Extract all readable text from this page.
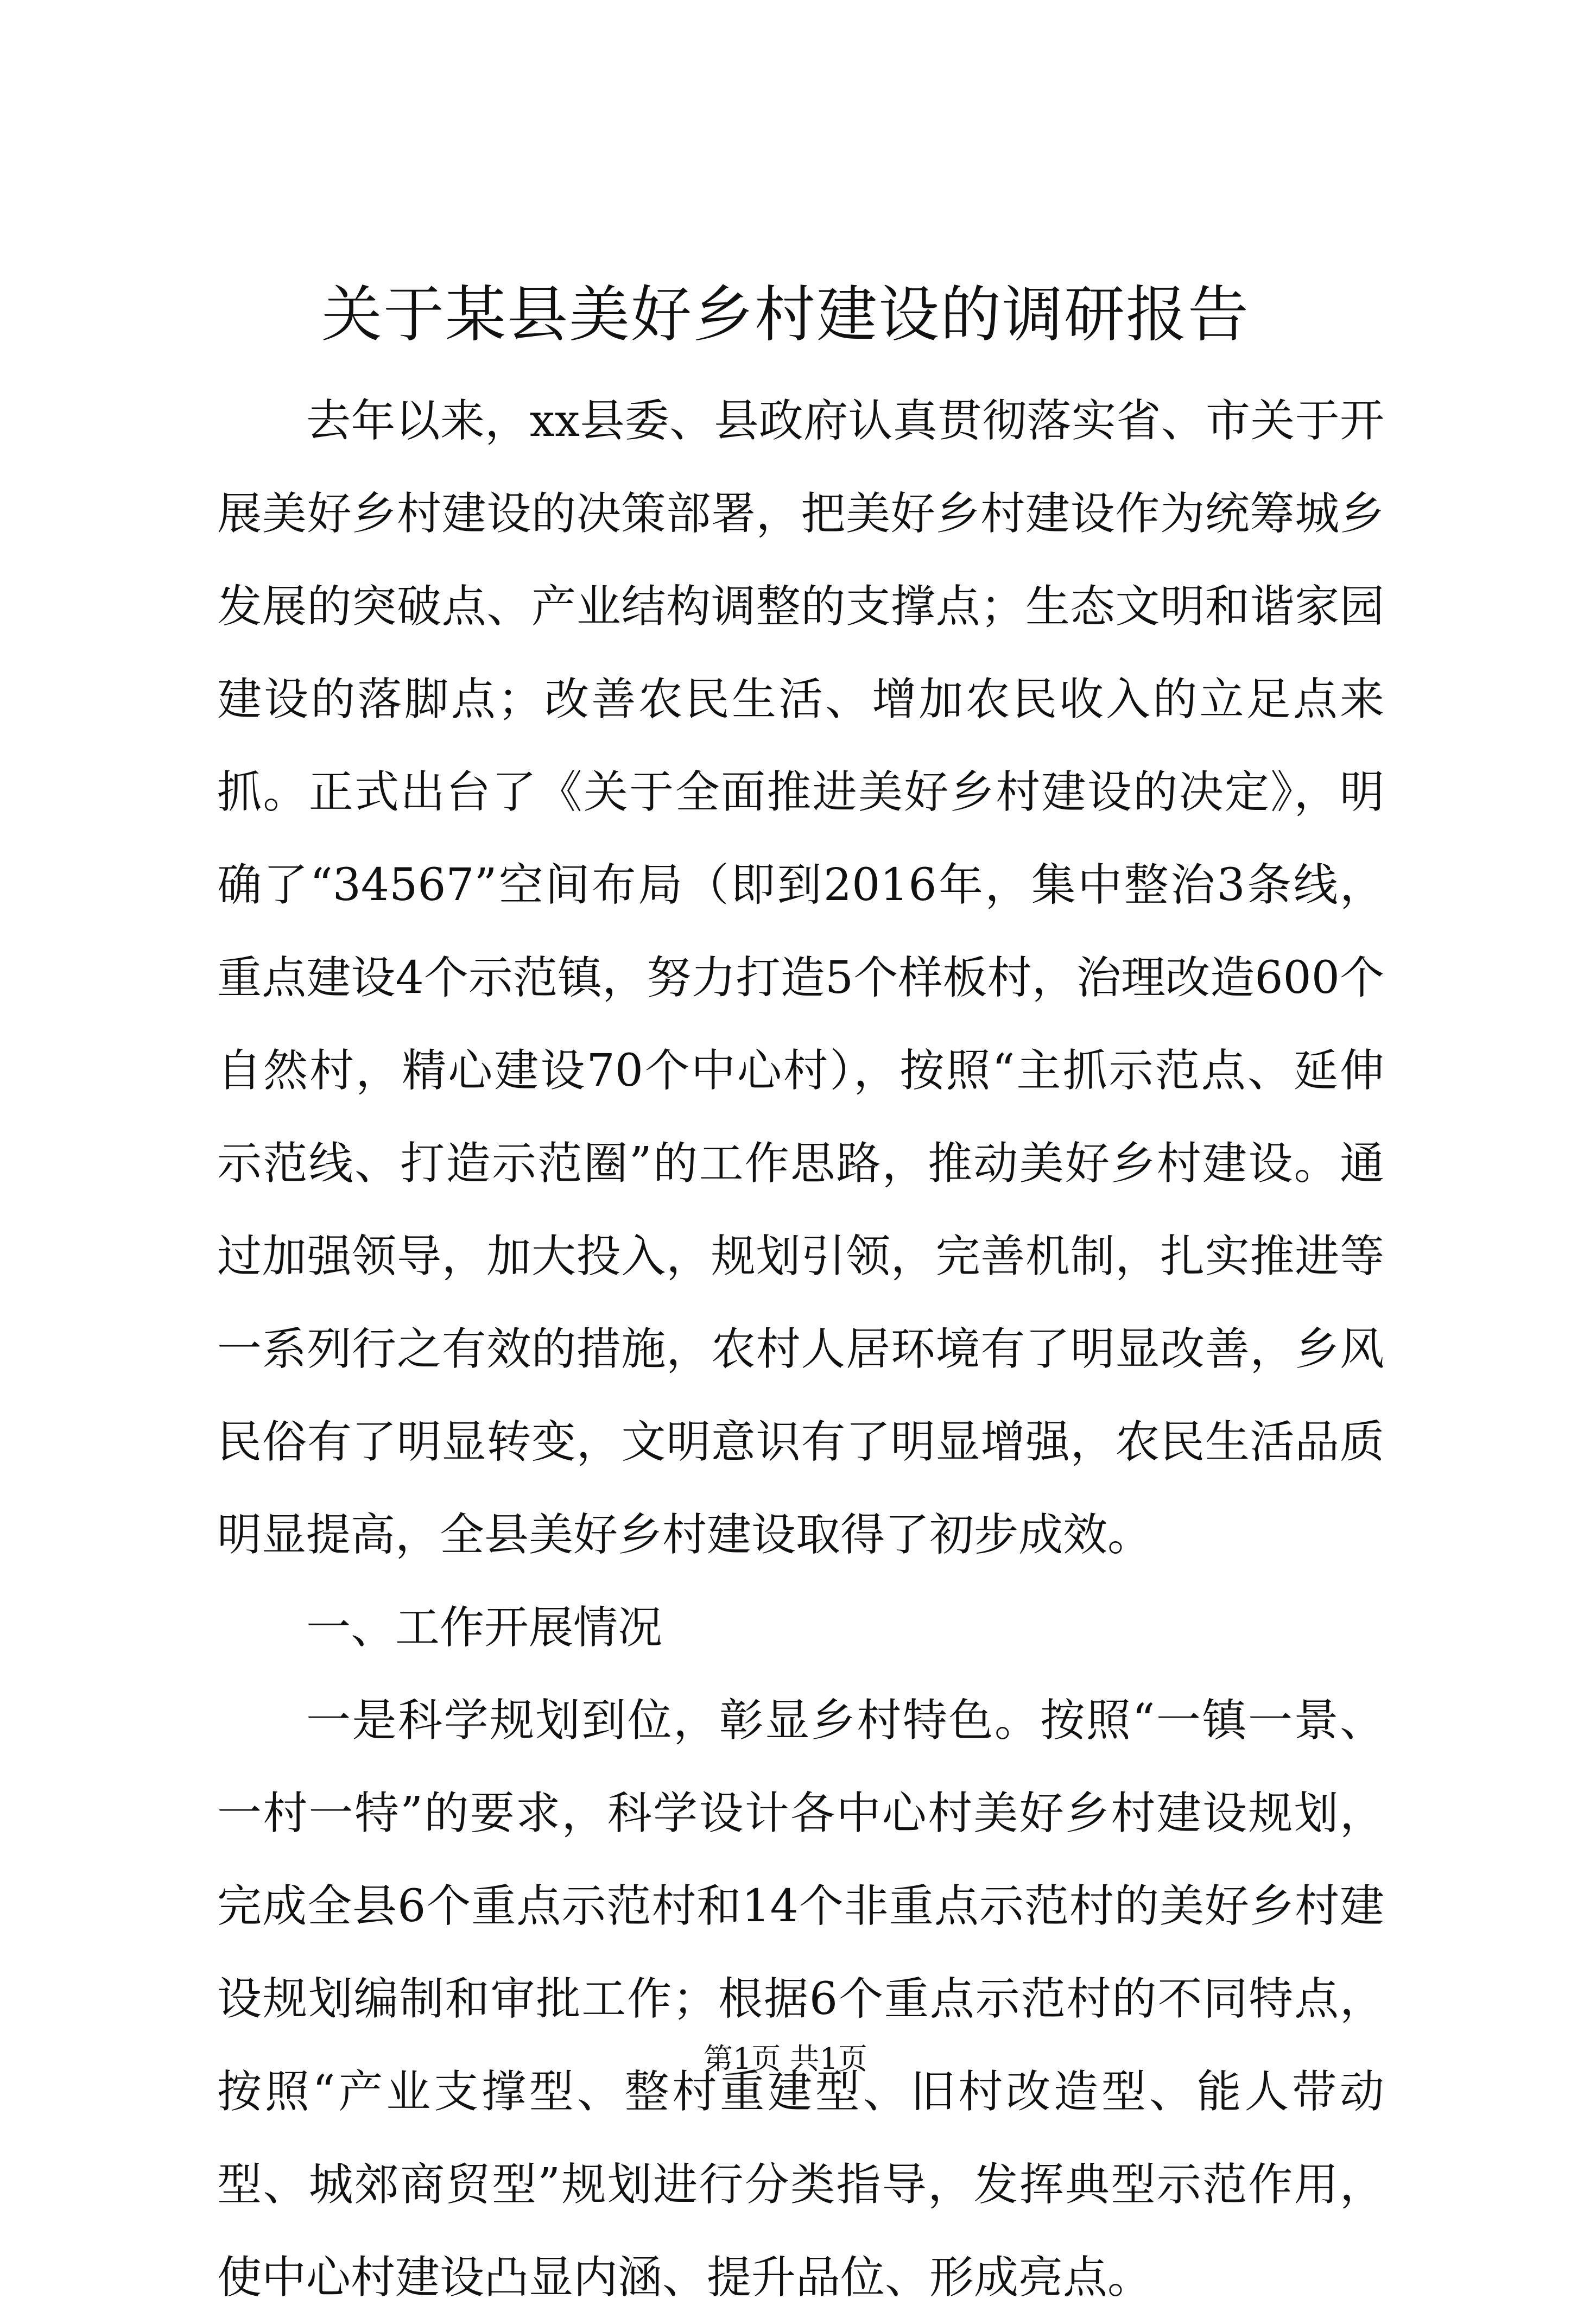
关于某县美好乡村建设的调研报告

去年以来，xx县委、县政府认真贯彻落实省、市关于开展美好乡村建设的决策部署，把美好乡村建设作为统筹城乡发展的突破点、产业结构调整的支撑点；生态文明和谐家园建设的落脚点；改善农民生活、增加农民收入的立足点来抓。正式出台了《关于全面推进美好乡村建设的决定》，明确了“34567”空间布局（即到2016年，集中整治3条线，重点建设4个示范镇，努力打造5个样板村，治理改造600个自然村，精心建设70个中心村），按照“主抓示范点、延伸示范线、打造示范圈”的工作思路，推动美好乡村建设。通过加强领导，加大投入，规划引领，完善机制，扎实推进等一系列行之有效的措施，农村人居环境有了明显改善，乡风民俗有了明显转变，文明意识有了明显增强，农民生活品质明显提高，全县美好乡村建设取得了初步成效。

一、工作开展情况

一是科学规划到位，彰显乡村特色。按照“一镇一景、一村一特”的要求，科学设计各中心村美好乡村建设规划，完成全县6个重点示范村和14个非重点示范村的美好乡村建设规划编制和审批工作；根据6个重点示范村的不同特点，按照“产业支撑型、整村重建型、旧村改造型、能人带动型、城郊商贸型”规划进行分类指导，发挥典型示范作用，使中心村建设凸显内涵、提升品位、形成亮点。

第1页 共1页
